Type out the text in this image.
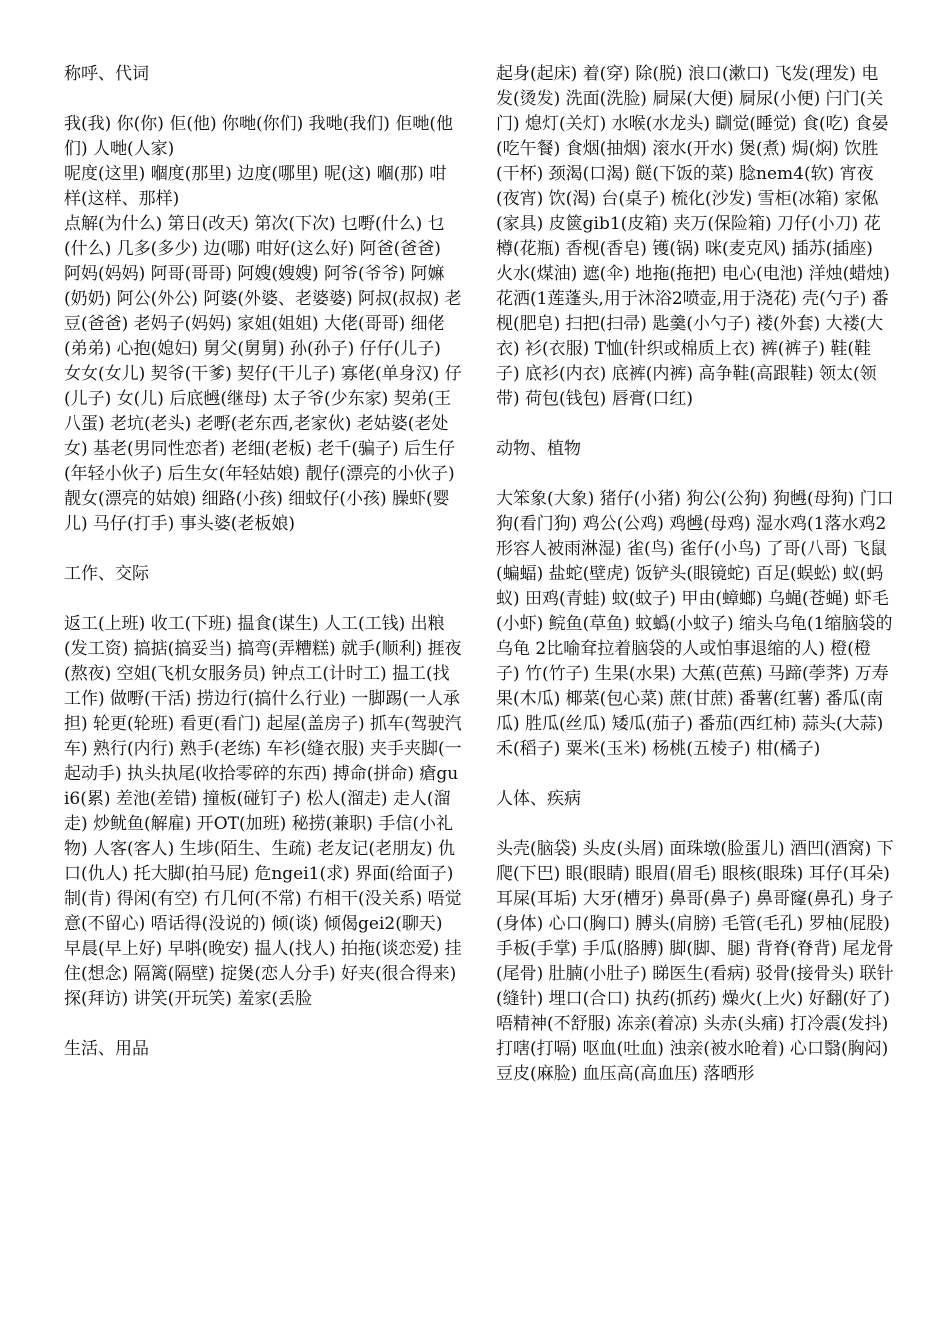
称呼、代词

我(我) 你(你) 佢(他) 你哋(你们) 我哋(我们) 佢哋(他们) 人哋(人家)

呢度(这里) 嗰度(那里) 边度(哪里) 呢(这) 嗰(那) 咁样(这样、那样)

点解(为什么) 第日(改天) 第次(下次) 乜嘢(什么) 乜(什么) 几多(多少) 边(哪) 咁好(这么好) 阿爸(爸爸) 阿妈(妈妈) 阿哥(哥哥) 阿嫂(嫂嫂) 阿爷(爷爷) 阿嫲(奶奶) 阿公(外公) 阿婆(外婆、老婆婆) 阿叔(叔叔) 老豆(爸爸) 老妈子(妈妈) 家姐(姐姐) 大佬(哥哥) 细佬(弟弟) 心抱(媳妇) 舅父(舅舅) 孙(孙子) 仔仔(儿子) 女女(女儿) 契爷(干爹) 契仔(干儿子) 寡佬(单身汉) 仔(儿子) 女(儿) 后底乸(继母) 太子爷(少东家) 契弟(王八蛋) 老坑(老头) 老嘢(老东西,老家伙) 老姑婆(老处女) 基老(男同性恋者) 老细(老板) 老千(骗子) 后生仔(年轻小伙子) 后生女(年轻姑娘) 靓仔(漂亮的小伙子) 靓女(漂亮的姑娘) 细路(小孩) 细蚊仔(小孩) 臊虾(婴儿) 马仔(打手) 事头婆(老板娘)

工作、交际

返工(上班) 收工(下班) 揾食(谋生) 人工(工钱) 出粮(发工资) 搞掂(搞妥当) 搞弯(弄糟糕) 就手(顺利) 捱夜(熬夜) 空姐(飞机女服务员) 钟点工(计时工) 揾工(找工作) 做嘢(干活) 捞边行(搞什么行业) 一脚踢(一人承担) 轮更(轮班) 看更(看门) 起屋(盖房子) 抓车(驾驶汽车) 熟行(内行) 熟手(老练) 车衫(缝衣服) 夹手夹脚(一起动手) 执头执尾(收拾零碎的东西) 搏命(拼命) 瘡gui6(累) 差池(差错) 撞板(碰钉子) 松人(溜走) 走人(溜走) 炒鱿鱼(解雇) 开OT(加班) 秘捞(兼职) 手信(小礼物) 人客(客人) 生埗(陌生、生疏) 老友记(老朋友) 仇口(仇人) 托大脚(拍马屁) 危ngei1(求) 界面(给面子) 制(肯) 得闲(有空) 冇几何(不常) 冇相干(没关系) 唔觉意(不留心) 唔话得(没说的) 倾(谈) 倾偈gei2(聊天) 早晨(早上好) 早唞(晚安) 揾人(找人) 拍拖(谈恋爱) 挂住(想念) 隔篱(隔壁) 掟煲(恋人分手) 好夹(很合得来)

探(拜访) 讲笑(开玩笑) 羞家(丢脸

生活、用品

起身(起床) 着(穿) 除(脱) 浪口(漱口) 飞发(理发) 电发(烫发) 洗面(洗脸) 屙屎(大便) 屙尿(小便) 闩门(关门) 熄灯(关灯) 水喉(水龙头) 瞓觉(睡觉) 食(吃) 食晏(吃午餐) 食烟(抽烟) 滚水(开水) 煲(煮) 焗(焖) 饮胜(干杯) 颈渴(口渴) 餸(下饭的菜) 腍nem4(软) 宵夜(夜宵) 饮(渴) 台(桌子) 梳化(沙发) 雪柜(冰箱) 家俬(家具) 皮篋gib1(皮箱) 夹万(保险箱) 刀仔(小刀) 花樽(花瓶) 香枧(香皂) 镬(锅) 咪(麦克风) 插苏(插座) 火水(煤油) 遮(伞) 地拖(拖把) 电心(电池) 洋烛(蜡烛) 花洒(1莲蓬头,用于沐浴2喷壶,用于浇花) 壳(勺子) 番枧(肥皂) 扫把(扫帚) 匙羹(小勺子) 褛(外套) 大褛(大衣) 衫(衣服) T恤(针织或棉质上衣) 裤(裤子) 鞋(鞋子) 底衫(内衣) 底裤(内裤) 高争鞋(高跟鞋) 领太(领带) 荷包(钱包) 唇膏(口红)

动物、植物

大笨象(大象) 猪仔(小猪) 狗公(公狗) 狗乸(母狗) 门口狗(看门狗) 鸡公(公鸡) 鸡乸(母鸡) 湿水鸡(1落水鸡2形容人被雨淋湿) 雀(鸟) 雀仔(小鸟) 了哥(八哥) 飞鼠(蝙蝠) 盐蛇(壁虎) 饭铲头(眼镜蛇) 百足(蜈蚣) 蚁(蚂蚁) 田鸡(青蛙) 蚊(蚊子) 甲由(蟑螂) 乌蝇(苍蝇) 虾毛(小虾) 鲩鱼(草鱼) 蚊蟡(小蚊子) 缩头乌龟(1缩脑袋的乌龟 2比喻耷拉着脑袋的人或怕事退缩的人) 橙(橙子) 竹(竹子) 生果(水果) 大蕉(芭蕉) 马蹄(荸荠) 万寿果(木瓜) 椰菜(包心菜) 蔗(甘蔗) 番薯(红薯) 番瓜(南瓜) 胜瓜(丝瓜) 矮瓜(茄子) 番茄(西红柿) 蒜头(大蒜) 禾(稻子) 粟米(玉米) 杨桃(五棱子) 柑(橘子)

人体、疾病

头壳(脑袋) 头皮(头屑) 面珠墩(脸蛋儿) 酒凹(酒窝) 下爬(下巴) 眼(眼睛) 眼眉(眉毛) 眼核(眼珠) 耳仔(耳朵) 耳屎(耳垢) 大牙(槽牙) 鼻哥(鼻子) 鼻哥窿(鼻孔) 身子(身体) 心口(胸口) 膊头(肩膀) 毛管(毛孔) 罗柚(屁股) 手板(手掌) 手瓜(胳膊) 脚(脚、腿) 背脊(脊背) 尾龙骨(尾骨) 肚腩(小肚子) 睇医生(看病) 驳骨(接骨头) 联针(缝针) 埋口(合口) 执药(抓药) 燥火(上火) 好翻(好了) 唔精神(不舒服) 冻亲(着凉) 头赤(头痛) 打冷震(发抖) 打嗐(打嗝) 呕血(吐血) 浊亲(被水呛着) 心口翳(胸闷) 豆皮(麻脸) 血压高(高血压) 落晒形
